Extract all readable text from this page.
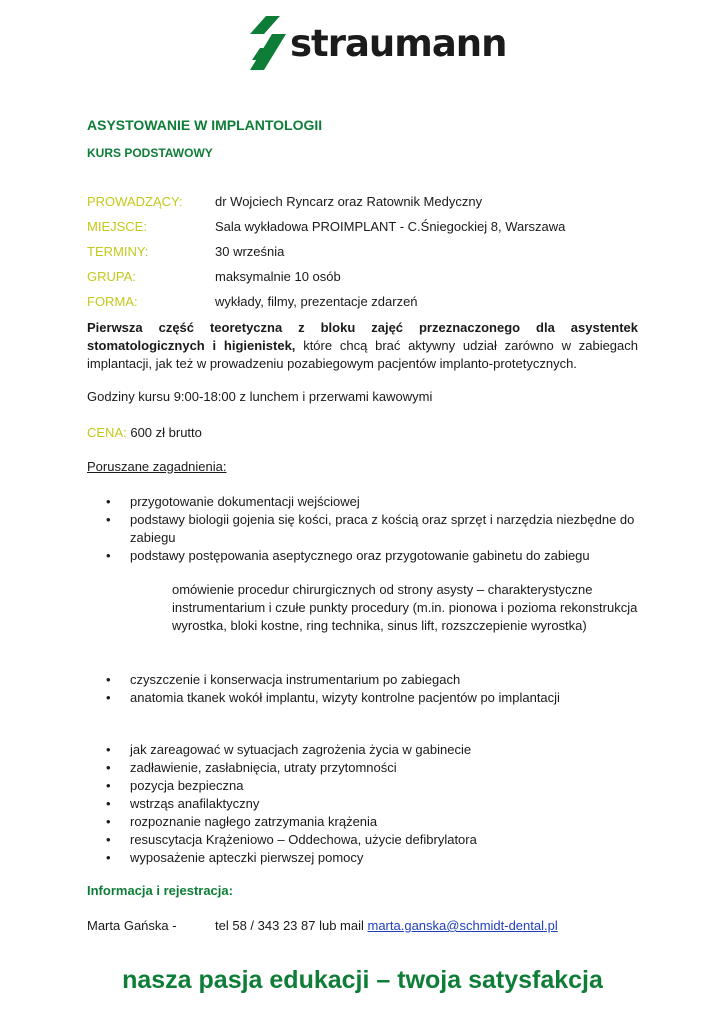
straumann
ASYSTOWANIE W IMPLANTOLOGII
KURS PODSTAWOWY
PROWADZĄCY: dr Wojciech Ryncarz oraz Ratownik Medyczny
MIEJSCE:	Sala wykładowa PROIMPLANT - C.Śniegockiej 8, Warszawa
TERMINY:	30 września
GRUPA:	maksymalnie 10 osób
FORMA:	wykłady, filmy, prezentacje zdarzeń
Pierwsza część teoretyczna z bloku zajęć przeznaczonego dla asystentek stomatologicznych i higienistek, które chcą brać aktywny udział zarówno w zabiegach implantacji, jak też w prowadzeniu pozabiegowym pacjentów implanto-protetycznych.
Godziny kursu 9:00-18:00 z lunchem i przerwami kawowymi
CENA: 600 zł brutto
Poruszane zagadnienia:
• przygotowanie dokumentacji wejściowej
• podstawy biologii gojenia się kości, praca z kością oraz sprzęt i narzędzia niezbędne do zabiegu
• podstawy postępowania aseptycznego oraz przygotowanie gabinetu do zabiegu
omówienie procedur chirurgicznych od strony asysty – charakterystyczne instrumentarium i czułe punkty procedury (m.in. pionowa i pozioma rekonstrukcja wyrostka, bloki kostne, ring technika, sinus lift, rozszczepienie wyrostka)
• czyszczenie i konserwacja instrumentarium po zabiegach
• anatomia tkanek wokół implantu, wizyty kontrolne pacjentów po implantacji
• jak zareagować w sytuacjach zagrożenia życia w gabinecie
• zadławienie, zasłabnięcia, utraty przytomności
• pozycja bezpieczna
• wstrząs anafilaktyczny
• rozpoznanie nagłego zatrzymania krążenia
• resuscytacja Krążeniowo – Oddechowa, użycie defibrylatora
• wyposażenie apteczki pierwszej pomocy
Informacja i rejestracja:
Marta Gańska -	tel 58 / 343 23 87 lub mail marta.ganska@schmidt-dental.pl
nasza pasja edukacji – twoja satysfakcja
